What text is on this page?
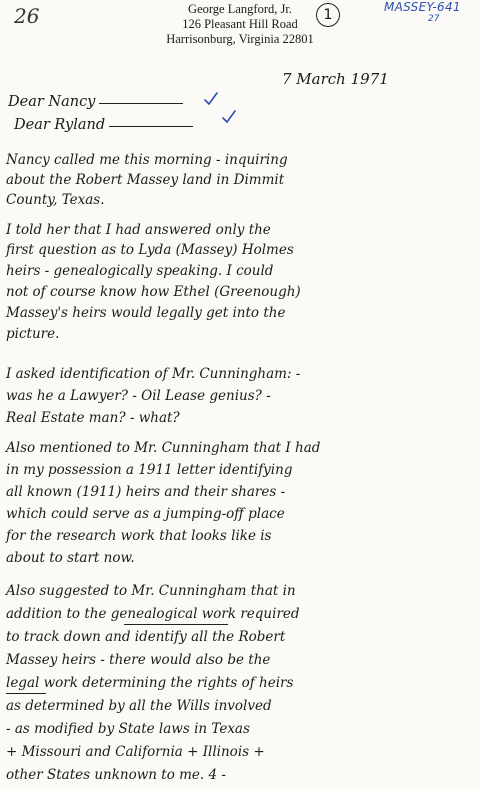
26	George Langford, Jr.
126 Pleasant Hill Road
Harrisonburg, Virginia 22801
1	MASSEY-641
27
7 March 1971
Dear Nancy
Dear Ryland
Nancy called me this morning - inquiring
about the Robert Massey land in Dimmit
County, Texas.
I told her that I had answered only the
first question as to Lyda (Massey) Holmes
heirs - genealogically speaking. I could
not of course know how Ethel (Greenough)
Massey's heirs would legally get into the
picture.
I asked identification of Mr. Cunningham: -
was he a Lawyer? - Oil Lease genius? -
Real Estate man? - what?
Also mentioned to Mr. Cunningham that I had
in my possession a 1911 letter identifying
all known (1911) heirs and their shares -
which could serve as a jumping-off place
for the research work that looks like is
about to start now.
Also suggested to Mr. Cunningham that in
addition to the genealogical work required
to track down and identify all the Robert
Massey heirs - there would also be the
legal work determining the rights of heirs
as determined by all the Wills involved
- as modified by State laws in Texas
+ Missouri and California + Illinois +
other States unknown to me. 4 -
